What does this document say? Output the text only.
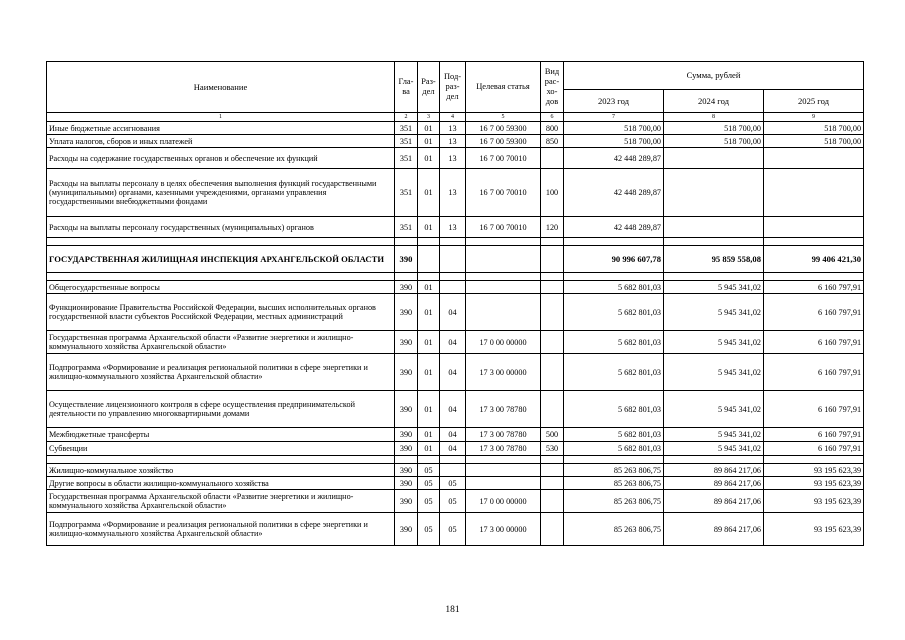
Наименование	Гла-ва	Раз-дел	Под-раз-дел	Целевая статья	Вид рас-хо-дов	Сумма, рублей		
						2023 год	2024 год	2025 год
1	2	3	4	5	6	7	8	9
Иные бюджетные ассигнования	351	01	13	16 7 00 59300	800	518 700,00	518 700,00	518 700,00
Уплата налогов, сборов и иных платежей	351	01	13	16 7 00 59300	850	518 700,00	518 700,00	518 700,00
Расходы на содержание государственных органов и обеспечение их функций	351	01	13	16 7 00 70010		42 448 289,87		
Расходы на выплаты персоналу в целях обеспечения выполнения функций государственными (муниципальными) органами, казенными учреждениями, органами управления государственными внебюджетными фондами	351	01	13	16 7 00 70010	100	42 448 289,87		
Расходы на выплаты персоналу государственных (муниципальных) органов	351	01	13	16 7 00 70010	120	42 448 289,87		

ГОСУДАРСТВЕННАЯ ЖИЛИЩНАЯ ИНСПЕКЦИЯ АРХАНГЕЛЬСКОЙ ОБЛАСТИ	390					90 996 607,78	95 859 558,08	99 406 421,30

Общегосударственные вопросы	390	01				5 682 801,03	5 945 341,02	6 160 797,91
Функционирование Правительства Российской Федерации, высших исполнительных органов государственной власти субъектов Российской Федерации, местных администраций	390	01	04			5 682 801,03	5 945 341,02	6 160 797,91
Государственная программа Архангельской области «Развитие энергетики и жилищно-коммунального хозяйства Архангельской области»	390	01	04	17 0 00 00000		5 682 801,03	5 945 341,02	6 160 797,91
Подпрограмма «Формирование и реализация региональной политики в сфере энергетики и жилищно-коммунального хозяйства Архангельской области»	390	01	04	17 3 00 00000		5 682 801,03	5 945 341,02	6 160 797,91
Осуществление лицензионного контроля в сфере осуществления предпринимательской деятельности по управлению многоквартирными домами	390	01	04	17 3 00 78780		5 682 801,03	5 945 341,02	6 160 797,91
Межбюджетные трансферты	390	01	04	17 3 00 78780	500	5 682 801,03	5 945 341,02	6 160 797,91
Субвенции	390	01	04	17 3 00 78780	530	5 682 801,03	5 945 341,02	6 160 797,91

Жилищно-коммунальное хозяйство	390	05				85 263 806,75	89 864 217,06	93 195 623,39
Другие вопросы в области жилищно-коммунального хозяйства	390	05	05			85 263 806,75	89 864 217,06	93 195 623,39
Государственная программа Архангельской области «Развитие энергетики и жилищно-коммунального хозяйства Архангельской области»	390	05	05	17 0 00 00000		85 263 806,75	89 864 217,06	93 195 623,39
Подпрограмма «Формирование и реализация региональной политики в сфере энергетики и жилищно-коммунального хозяйства Архангельской области»	390	05	05	17 3 00 00000		85 263 806,75	89 864 217,06	93 195 623,39
181
